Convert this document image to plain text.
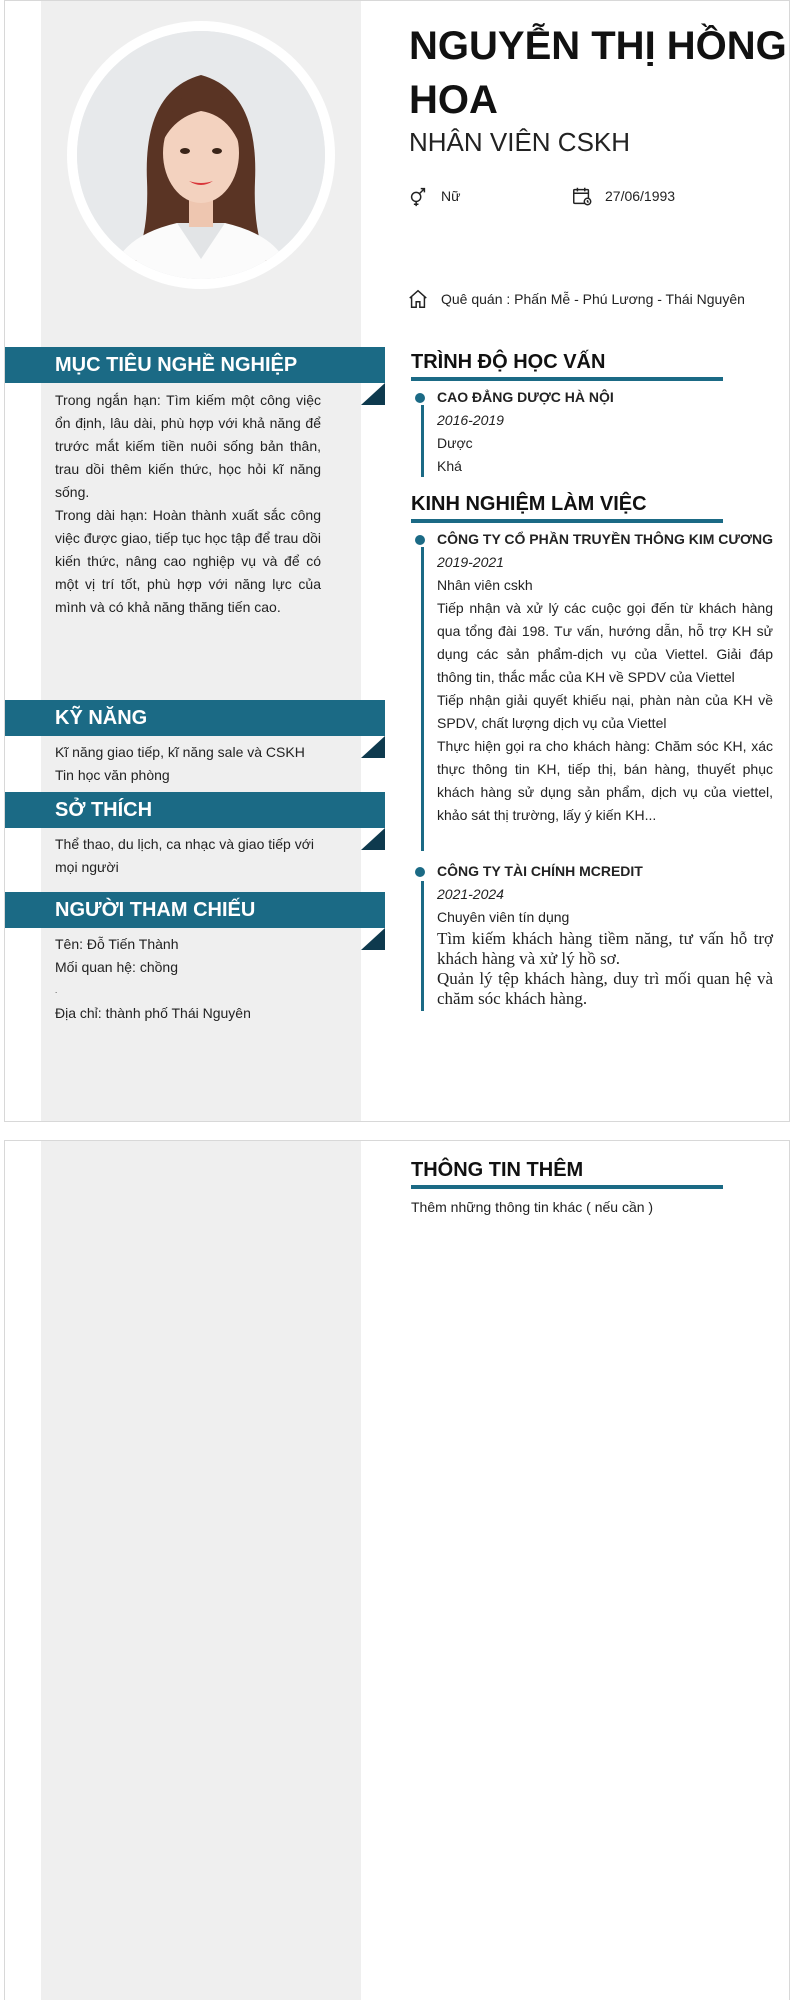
NGUYỄN THỊ HỒNG HOA
NHÂN VIÊN CSKH
Nữ	27/06/1993
Quê quán : Phấn Mễ - Phú Lương - Thái Nguyên
MỤC TIÊU NGHỀ NGHIỆP

Trong ngắn hạn: Tìm kiếm một công việc ổn định, lâu dài, phù hợp với khả năng để trước mắt kiếm tiền nuôi sống bản thân, trau dồi thêm kiến thức, học hỏi kĩ năng sống.

Trong dài hạn: Hoàn thành xuất sắc công việc được giao, tiếp tục học tập để trau dồi kiến thức, nâng cao nghiệp vụ và để có một vị trí tốt, phù hợp với năng lực của mình và có khả năng thăng tiến cao.

KỸ NĂNG

Kĩ năng giao tiếp, kĩ năng sale và CSKH

Tin học văn phòng

SỞ THÍCH
Thể thao, du lịch, ca nhạc và giao tiếp với mọi người
NGƯỜI THAM CHIẾU

Tên: Đỗ Tiến Thành

Mối quan hệ: chồng

.

Địa chỉ: thành phố Thái Nguyên

TRÌNH ĐỘ HỌC VẤN

CAO ĐẲNG DƯỢC HÀ NỘI

2016-2019

Dược

Khá

KINH NGHIỆM LÀM VIỆC

CÔNG TY CỔ PHẦN TRUYỀN THÔNG KIM CƯƠNG

2019-2021

Nhân viên cskh

Tiếp nhận và xử lý các cuộc gọi đến từ khách hàng qua tổng đài 198. Tư vấn, hướng dẫn, hỗ trợ KH sử dụng các sản phẩm-dịch vụ của Viettel. Giải đáp thông tin, thắc mắc của KH về SPDV của Viettel

Tiếp nhận giải quyết khiếu nại, phàn nàn của KH về SPDV, chất lượng dịch vụ của Viettel

Thực hiện gọi ra cho khách hàng: Chăm sóc KH, xác thực thông tin KH, tiếp thị, bán hàng, thuyết phục khách hàng sử dụng sản phẩm, dịch vụ của viettel, khảo sát thị trường, lấy ý kiến KH...

CÔNG TY TÀI CHÍNH MCREDIT

2021-2024

Chuyên viên tín dụng

Tìm kiếm khách hàng tiềm năng, tư vấn hỗ trợ khách hàng và xử lý hồ sơ.

Quản lý tệp khách hàng, duy trì mối quan hệ và chăm sóc khách hàng.

THÔNG TIN THÊM
Thêm những thông tin khác ( nếu cần )
